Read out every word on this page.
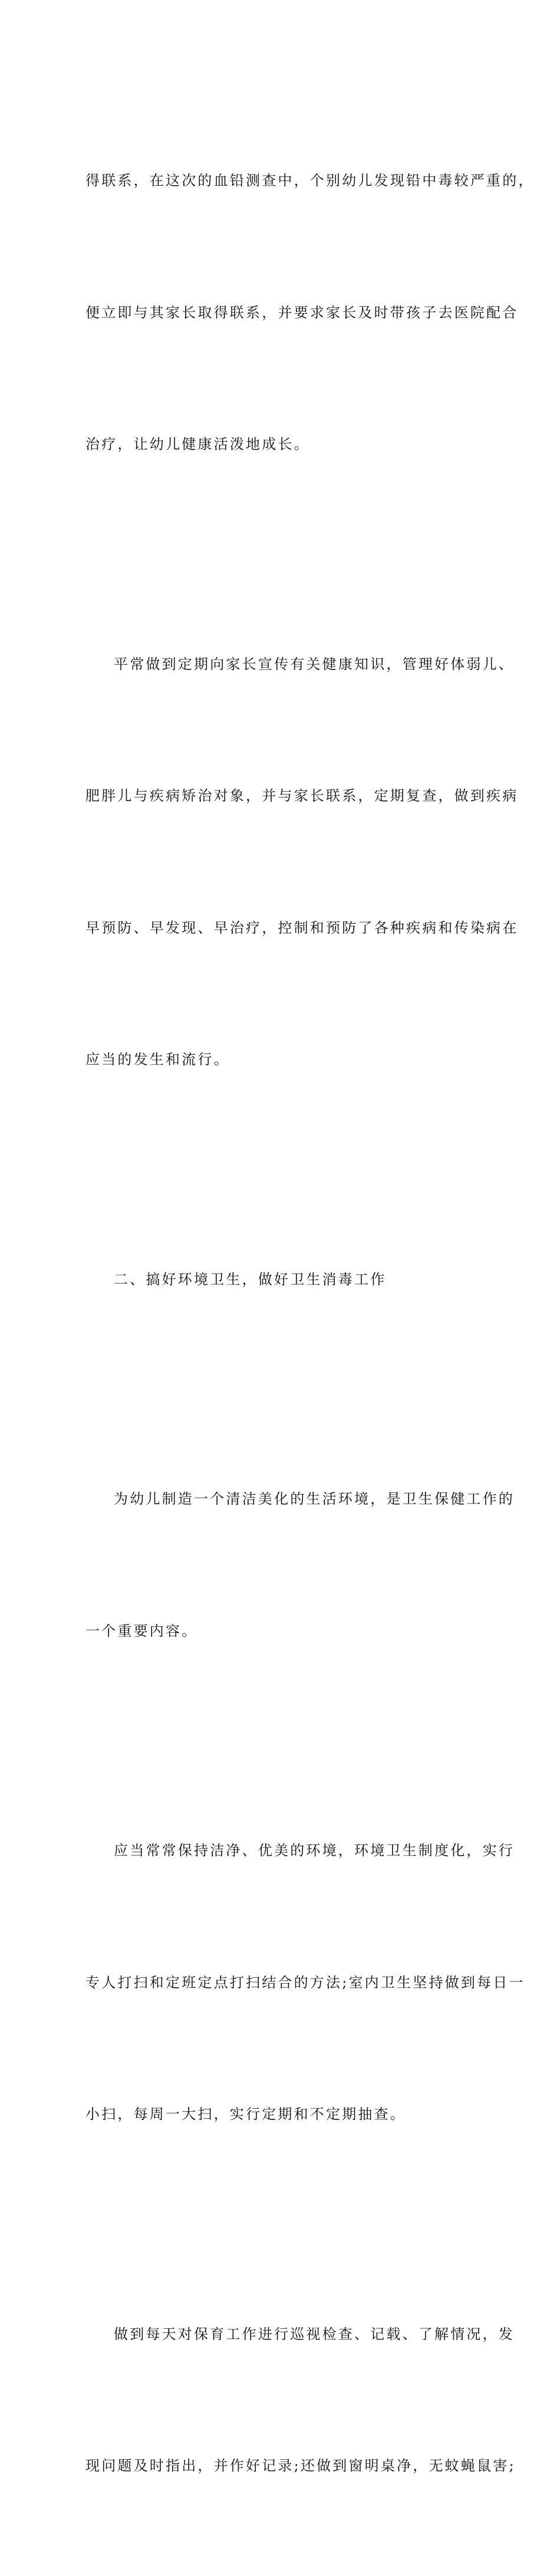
得联系，在这次的血铅测查中，个别幼儿发现铅中毒较严重的，

便立即与其家长取得联系，并要求家长及时带孩子去医院配合

治疗，让幼儿健康活泼地成长。

平常做到定期向家长宣传有关健康知识，管理好体弱儿、

肥胖儿与疾病矫治对象，并与家长联系，定期复查，做到疾病

早预防、早发现、早治疗，控制和预防了各种疾病和传染病在

应当的发生和流行。

二、搞好环境卫生，做好卫生消毒工作

为幼儿制造一个清洁美化的生活环境，是卫生保健工作的

一个重要内容。

应当常常保持洁净、优美的环境，环境卫生制度化，实行

专人打扫和定班定点打扫结合的方法;室内卫生坚持做到每日一

小扫，每周一大扫，实行定期和不定期抽查。

做到每天对保育工作进行巡视检查、记载、了解情况，发

现问题及时指出，并作好记录;还做到窗明桌净，无蚊蝇鼠害;
